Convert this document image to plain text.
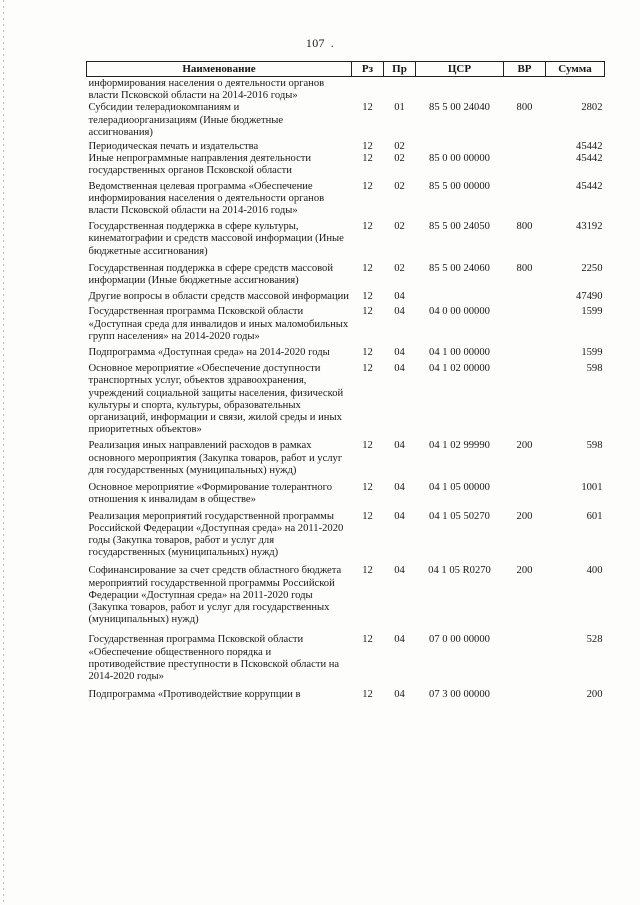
107 .
Наименование	Рз	Пр	ЦСР	ВР	Сумма
информирования населения о деятельности органов власти Псковской области на 2014-2016 годы»					
Субсидии телерадиокомпаниям и телерадиоорганизациям (Иные бюджетные ассигнования)	12	01	85 5 00 24040	800	2802
Периодическая печать и издательства	12	02			45442
Иные непрограммные направления деятельности государственных органов Псковской области	12	02	85 0 00 00000		45442
Ведомственная целевая программа «Обеспечение информирования населения о деятельности органов власти Псковской области на 2014-2016 годы»	12	02	85 5 00 00000		45442
Государственная поддержка в сфере культуры, кинематографии и средств массовой информации (Иные бюджетные ассигнования)	12	02	85 5 00 24050	800	43192
Государственная поддержка в сфере средств массовой информации (Иные бюджетные ассигнования)	12	02	85 5 00 24060	800	2250
Другие вопросы в области средств массовой информации	12	04			47490
Государственная программа Псковской области «Доступная среда для инвалидов и иных маломобильных групп населения» на 2014-2020 годы»	12	04	04 0 00 00000		1599
Подпрограмма «Доступная среда» на 2014-2020 годы	12	04	04 1 00 00000		1599
Основное мероприятие «Обеспечение доступности транспортных услуг, объектов здравоохранения, учреждений социальной защиты населения, физической культуры и спорта, культуры, образовательных организаций, информации и связи, жилой среды и иных приоритетных объектов»	12	04	04 1 02 00000		598
Реализация иных направлений расходов в рамках основного мероприятия (Закупка товаров, работ и услуг для государственных (муниципальных) нужд)	12	04	04 1 02 99990	200	598
Основное мероприятие «Формирование толерантного отношения к инвалидам в обществе»	12	04	04 1 05 00000		1001
Реализация мероприятий государственной программы Российской Федерации «Доступная среда» на 2011-2020 годы (Закупка товаров, работ и услуг для государственных (муниципальных) нужд)	12	04	04 1 05 50270	200	601
Софинансирование за счет средств областного бюджета мероприятий государственной программы Российской Федерации «Доступная среда» на 2011-2020 годы (Закупка товаров, работ и услуг для государственных (муниципальных) нужд)	12	04	04 1 05 R0270	200	400
Государственная программа Псковской области «Обеспечение общественного порядка и противодействие преступности в Псковской области на 2014-2020 годы»	12	04	07 0 00 00000		528
Подпрограмма «Противодействие коррупции в	12	04	07 3 00 00000		200
